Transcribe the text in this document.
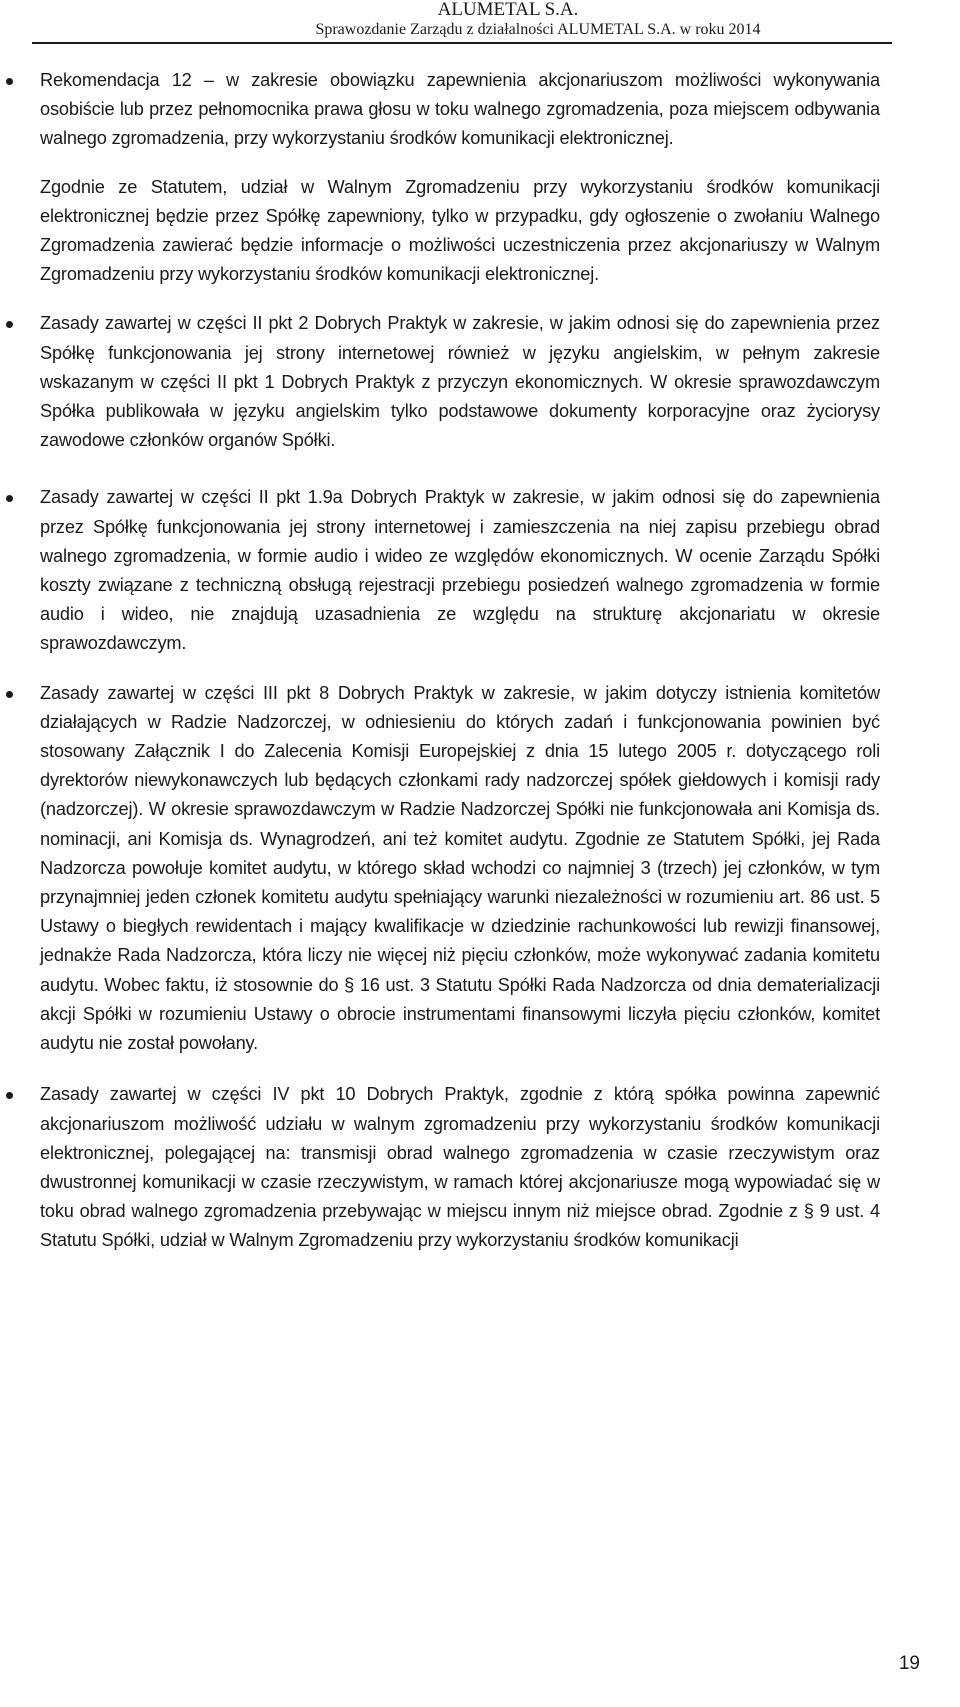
ALUMETAL S.A.
Sprawozdanie Zarządu z działalności ALUMETAL S.A. w roku 2014
Rekomendacja 12 – w zakresie obowiązku zapewnienia akcjonariuszom możliwości wykonywania osobiście lub przez pełnomocnika prawa głosu w toku walnego zgromadzenia, poza miejscem odbywania walnego zgromadzenia, przy wykorzystaniu środków komunikacji elektronicznej.
Zgodnie ze Statutem, udział w Walnym Zgromadzeniu przy wykorzystaniu środków komunikacji elektronicznej będzie przez Spółkę zapewniony, tylko w przypadku, gdy ogłoszenie o zwołaniu Walnego Zgromadzenia zawierać będzie informacje o możliwości uczestniczenia przez akcjonariuszy w Walnym Zgromadzeniu przy wykorzystaniu środków komunikacji elektronicznej.
Zasady zawartej w części II pkt 2 Dobrych Praktyk w zakresie, w jakim odnosi się do zapewnienia przez Spółkę funkcjonowania jej strony internetowej również w języku angielskim, w pełnym zakresie wskazanym w części II pkt 1 Dobrych Praktyk z przyczyn ekonomicznych. W okresie sprawozdawczym Spółka publikowała w języku angielskim tylko podstawowe dokumenty korporacyjne oraz życiorysy zawodowe członków organów Spółki.
Zasady zawartej w części II pkt 1.9a Dobrych Praktyk w zakresie, w jakim odnosi się do zapewnienia przez Spółkę funkcjonowania jej strony internetowej i zamieszczenia na niej zapisu przebiegu obrad walnego zgromadzenia, w formie audio i wideo ze względów ekonomicznych. W ocenie Zarządu Spółki koszty związane z techniczną obsługą rejestracji przebiegu posiedzeń walnego zgromadzenia w formie audio i wideo, nie znajdują uzasadnienia ze względu na strukturę akcjonariatu w okresie sprawozdawczym.
Zasady zawartej w części III pkt 8 Dobrych Praktyk w zakresie, w jakim dotyczy istnienia komitetów działających w Radzie Nadzorczej, w odniesieniu do których zadań i funkcjonowania powinien być stosowany Załącznik I do Zalecenia Komisji Europejskiej z dnia 15 lutego 2005 r. dotyczącego roli dyrektorów niewykonawczych lub będących członkami rady nadzorczej spółek giełdowych i komisji rady (nadzorczej). W okresie sprawozdawczym w Radzie Nadzorczej Spółki nie funkcjonowała ani Komisja ds. nominacji, ani Komisja ds. Wynagrodzeń, ani też komitet audytu. Zgodnie ze Statutem Spółki, jej Rada Nadzorcza powołuje komitet audytu, w którego skład wchodzi co najmniej 3 (trzech) jej członków, w tym przynajmniej jeden członek komitetu audytu spełniający warunki niezależności w rozumieniu art. 86 ust. 5 Ustawy o biegłych rewidentach i mający kwalifikacje w dziedzinie rachunkowości lub rewizji finansowej, jednakże Rada Nadzorcza, która liczy nie więcej niż pięciu członków, może wykonywać zadania komitetu audytu. Wobec faktu, iż stosownie do § 16 ust. 3 Statutu Spółki Rada Nadzorcza od dnia dematerializacji akcji Spółki w rozumieniu Ustawy o obrocie instrumentami finansowymi liczyła pięciu członków, komitet audytu nie został powołany.
Zasady zawartej w części IV pkt 10 Dobrych Praktyk, zgodnie z którą spółka powinna zapewnić akcjonariuszom możliwość udziału w walnym zgromadzeniu przy wykorzystaniu środków komunikacji elektronicznej, polegającej na: transmisji obrad walnego zgromadzenia w czasie rzeczywistym oraz dwustronnej komunikacji w czasie rzeczywistym, w ramach której akcjonariusze mogą wypowiadać się w toku obrad walnego zgromadzenia przebywając w miejscu innym niż miejsce obrad. Zgodnie z § 9 ust. 4 Statutu Spółki, udział w Walnym Zgromadzeniu przy wykorzystaniu środków komunikacji
19
